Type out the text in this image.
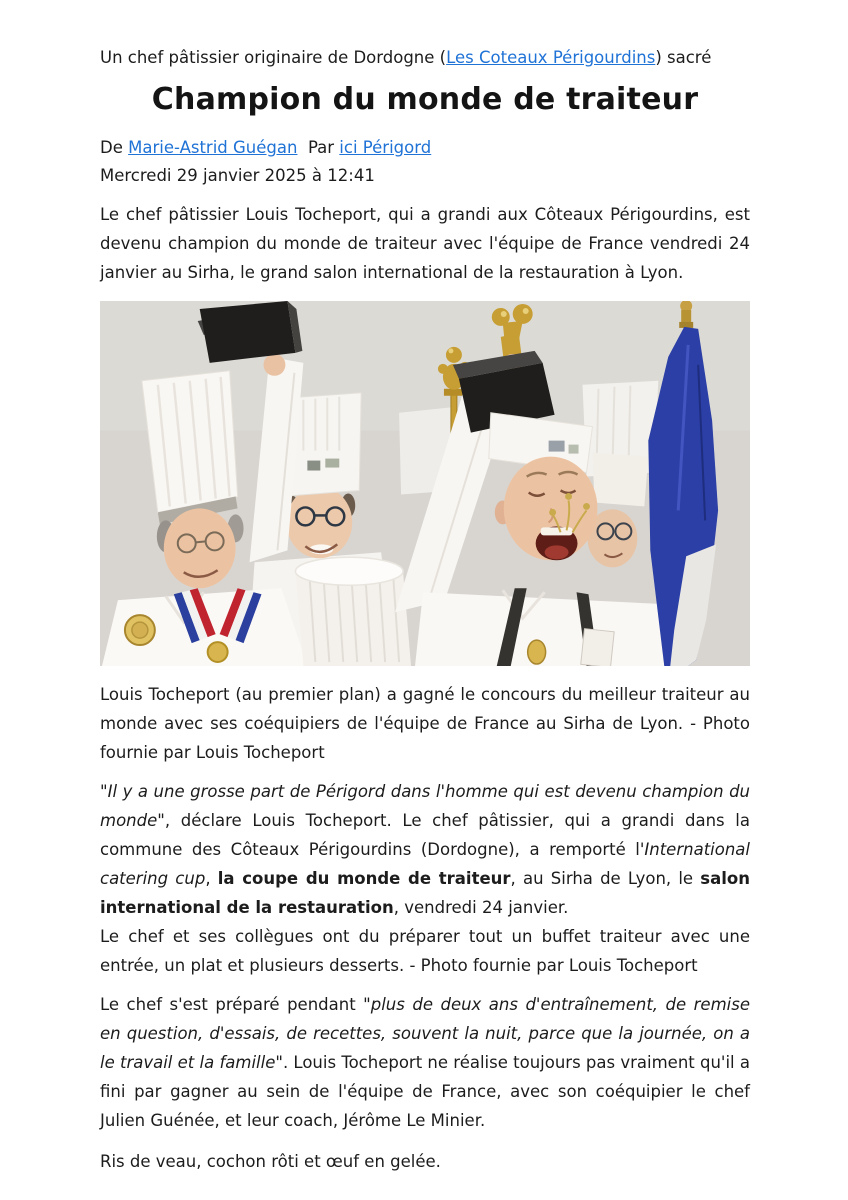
Un chef pâtissier originaire de Dordogne (Les Coteaux Périgourdins) sacré

Champion du monde de traiteur

De Marie-Astrid Guégan  Par ici Périgord

Mercredi 29 janvier 2025 à 12:41

Le chef pâtissier Louis Tocheport, qui a grandi aux Côteaux Périgourdins, est devenu champion du monde de traiteur avec l'équipe de France vendredi 24 janvier au Sirha, le grand salon international de la restauration à Lyon.

Louis Tocheport (au premier plan) a gagné le concours du meilleur traiteur au monde avec ses coéquipiers de l'équipe de France au Sirha de Lyon. - Photo fournie par Louis Tocheport

"Il y a une grosse part de Périgord dans l'homme qui est devenu champion du monde", déclare Louis Tocheport. Le chef pâtissier, qui a grandi dans la commune des Côteaux Périgourdins (Dordogne), a remporté l'International catering cup, la coupe du monde de traiteur, au Sirha de Lyon, le salon international de la restauration, vendredi 24 janvier.
Le chef et ses collègues ont du préparer tout un buffet traiteur avec une entrée, un plat et plusieurs desserts. - Photo fournie par Louis Tocheport

Le chef s'est préparé pendant "plus de deux ans d'entraînement, de remise en question, d'essais, de recettes, souvent la nuit, parce que la journée, on a le travail et la famille". Louis Tocheport ne réalise toujours pas vraiment qu'il a fini par gagner au sein de l'équipe de France, avec son coéquipier le chef Julien Guénée, et leur coach, Jérôme Le Minier.

Ris de veau, cochon rôti et œuf en gelée.
